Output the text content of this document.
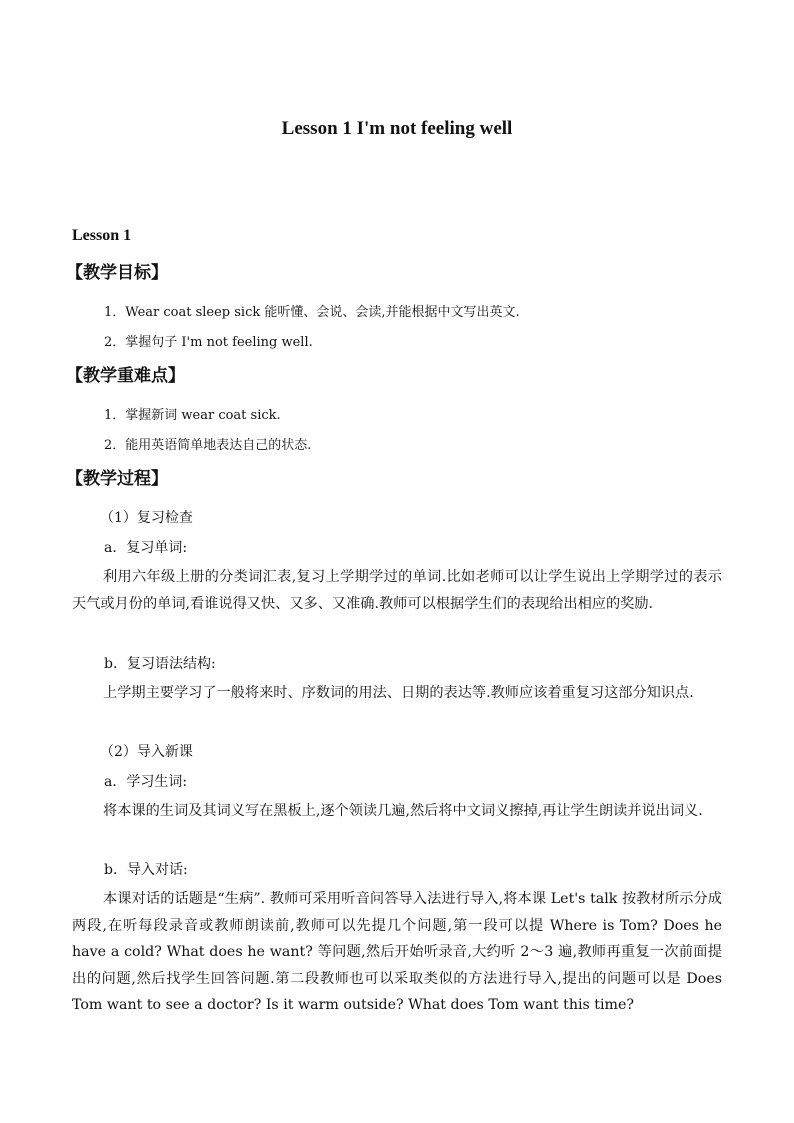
Lesson 1 I'm not feeling well
Lesson 1
【教学目标】

1．Wear coat sleep sick 能听懂、会说、会读,并能根据中文写出英文.

2．掌握句子 I'm not feeling well.

【教学重难点】

1．掌握新词 wear coat sick.

2．能用英语简单地表达自己的状态.

【教学过程】

（1）复习检查

a．复习单词:

利用六年级上册的分类词汇表,复习上学期学过的单词.比如老师可以让学生说出上学期学过的表示天气或月份的单词,看谁说得又快、又多、又准确.教师可以根据学生们的表现给出相应的奖励.

b．复习语法结构:

上学期主要学习了一般将来时、序数词的用法、日期的表达等.教师应该着重复习这部分知识点.

（2）导入新课

a．学习生词:

将本课的生词及其词义写在黑板上,逐个领读几遍,然后将中文词义擦掉,再让学生朗读并说出词义.

b．导入对话:

本课对话的话题是“生病”. 教师可采用听音问答导入法进行导入,将本课 Let's talk 按教材所示分成两段,在听每段录音或教师朗读前,教师可以先提几个问题,第一段可以提 Where is Tom? Does he have a cold? What does he want? 等问题,然后开始听录音,大约听 2～3 遍,教师再重复一次前面提出的问题,然后找学生回答问题.第二段教师也可以采取类似的方法进行导入,提出的问题可以是 Does Tom want to see a doctor? Is it warm outside? What does Tom want this time?
